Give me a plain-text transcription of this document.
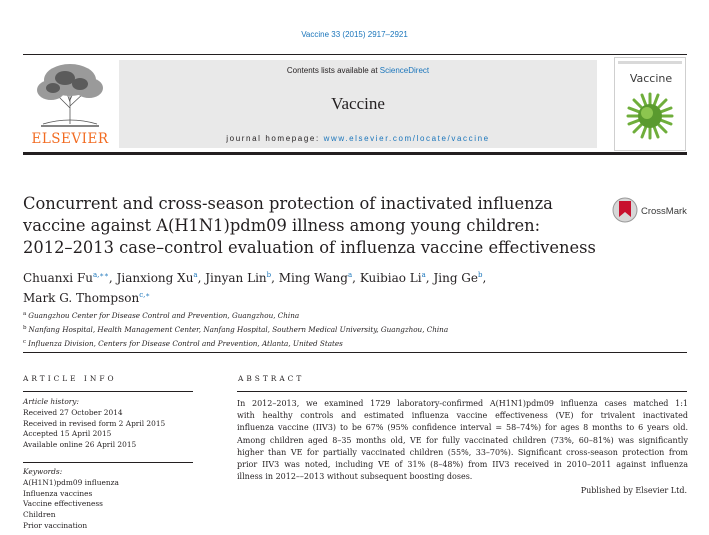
Vaccine 33 (2015) 2917–2921
ELSEVIER
Contents lists available at ScienceDirect
Vaccine
journal homepage: www.elsevier.com/locate/vaccine
Vaccine
Concurrent and cross-season protection of inactivated influenza
vaccine against A(H1N1)pdm09 illness among young children:
2012–2013 case–control evaluation of influenza vaccine effectiveness
CrossMark
Chuanxi $Fu^{a,∗∗}$, Jianxiong Xu$^a$, Jinyan Lin$^b$, Ming Wang$^a$, Kuibiao Li$^a$, Jing Ge$^b$,
Mark G. Thompson$^{c,∗}$
$^a$ Guangzhou Center for Disease Control and Prevention, Guangzhou, China
$^b$ Nanfang Hospital, Health Management Center, Nanfang Hospital, Southern Medical University, Guangzhou, China
$^c$ Influenza Division, Centers for Disease Control and Prevention, Atlanta, United States
ARTICLE INFO	ABSTRACT
Article history:
Received 27 October 2014
Received in revised form 2 April 2015
Accepted 15 April 2015
Available online 26 April 2015
Keywords:
A(H1N1)pdm09 influenza
Influenza vaccines
Vaccine effectiveness
Children
Prior vaccination
In 2012–2013, we examined 1729 laboratory-confirmed A(H1N1)pdm09 influenza cases matched 1:1
with healthy controls and estimated influenza vaccine effectiveness (VE) for trivalent inactivated
influenza vaccine (IIV3) to be 67% (95% confidence interval = 58–74%) for ages 8 months to 6 years old.
Among children aged 8–35 months old, VE for fully vaccinated children (73%, 60–81%) was significantly
higher than VE for partially vaccinated children (55%, 33–70%). Significant cross-season protection from
prior IIV3 was noted, including VE of 31% (8–48%) from IIV3 received in 2010–2011 against influenza
illness in 2012––2013 without subsequent boosting doses.
Published by Elsevier Ltd.
